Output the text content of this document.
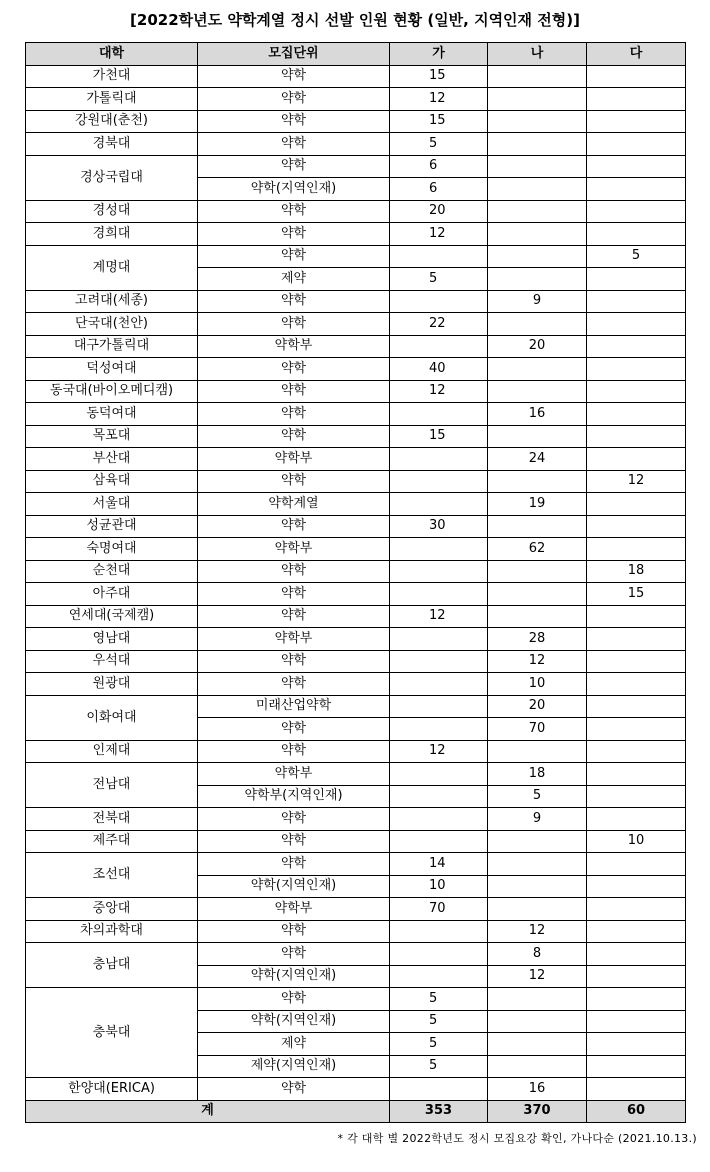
[2022학년도 약학계열 정시 선발 인원 현황 (일반, 지역인재 전형)]
대학	모집단위	가	나	다
가천대	약학	15		
가톨릭대	약학	12		
강원대(춘천)	약학	15		
경북대	약학	5		
경상국립대	약학	6		
	약학(지역인재)	6		
경성대	약학	20		
경희대	약학	12		
계명대	약학			5
	제약	5		
고려대(세종)	약학		9	
단국대(천안)	약학	22		
대구가톨릭대	약학부		20	
덕성여대	약학	40		
동국대(바이오메디캠)	약학	12		
동덕여대	약학		16	
목포대	약학	15		
부산대	약학부		24	
삼육대	약학			12
서울대	약학계열		19	
성균관대	약학	30		
숙명여대	약학부		62	
순천대	약학			18
아주대	약학			15
연세대(국제캠)	약학	12		
영남대	약학부		28	
우석대	약학		12	
원광대	약학		10	
이화여대	미래산업약학		20	
	약학		70	
인제대	약학	12		
전남대	약학부		18	
	약학부(지역인재)		5	
전북대	약학		9	
제주대	약학			10
조선대	약학	14		
	약학(지역인재)	10		
중앙대	약학부	70		
차의과학대	약학		12	
충남대	약학		8	
	약학(지역인재)		12	
충북대	약학	5		
	약학(지역인재)	5		
	제약	5		
	제약(지역인재)	5		
한양대(ERICA)	약학		16	
계		353	370	60
* 각 대학 별 2022학년도 정시 모집요강 확인, 가나다순 (2021.10.13.)
